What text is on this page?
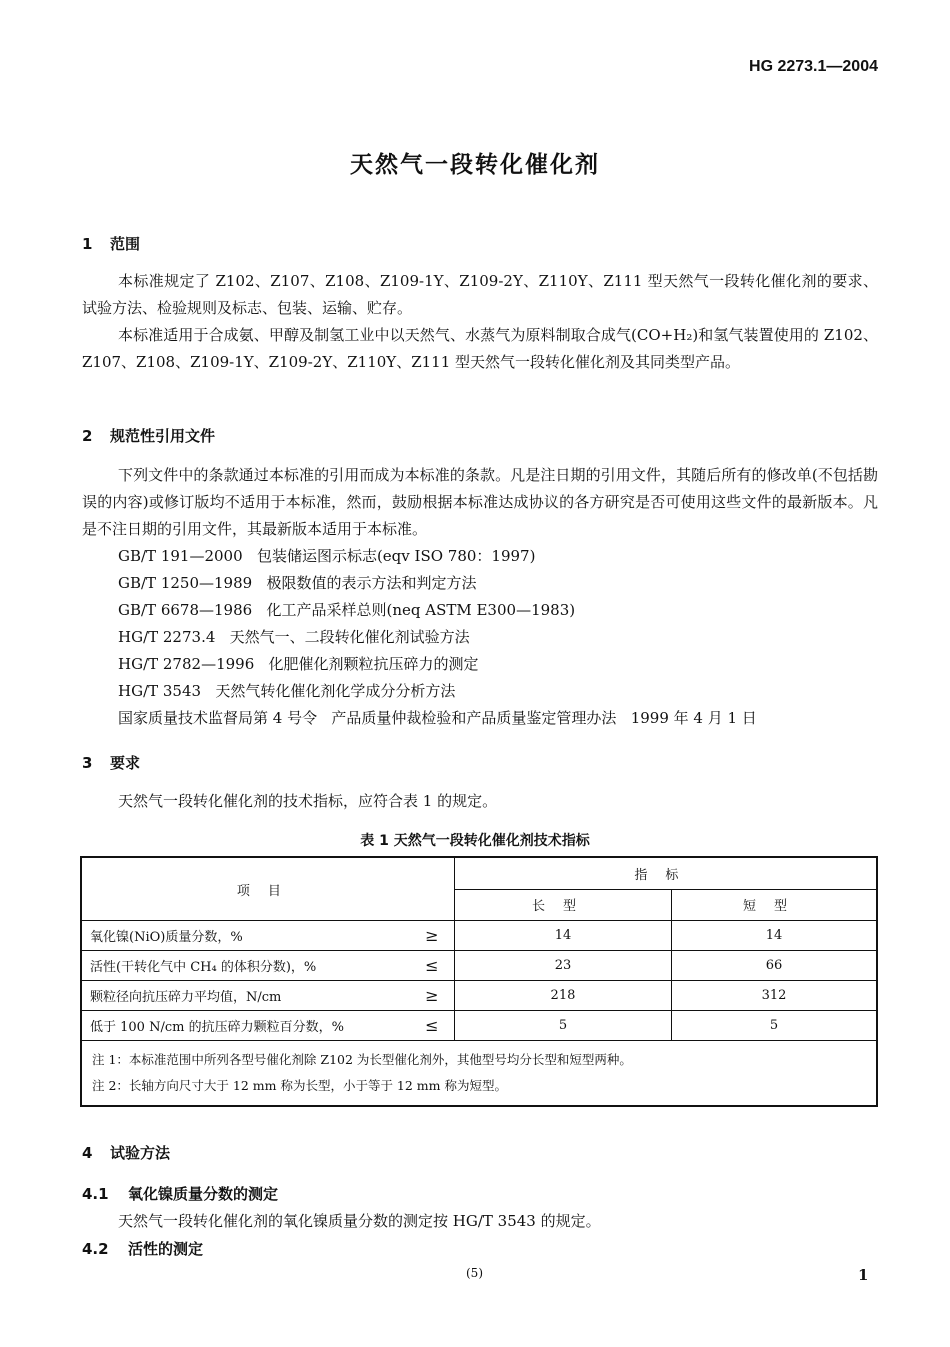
HG 2273.1—2004
天然气一段转化催化剂
1 范围
本标准规定了 Z102、Z107、Z108、Z109-1Y、Z109-2Y、Z110Y、Z111 型天然气一段转化催化剂的要求、试验方法、检验规则及标志、包装、运输、贮存。
本标准适用于合成氨、甲醇及制氢工业中以天然气、水蒸气为原料制取合成气(CO+H₂)和氢气装置使用的 Z102、Z107、Z108、Z109-1Y、Z109-2Y、Z110Y、Z111 型天然气一段转化催化剂及其同类型产品。
2 规范性引用文件
下列文件中的条款通过本标准的引用而成为本标准的条款。凡是注日期的引用文件，其随后所有的修改单(不包括勘误的内容)或修订版均不适用于本标准，然而，鼓励根据本标准达成协议的各方研究是否可使用这些文件的最新版本。凡是不注日期的引用文件，其最新版本适用于本标准。
GB/T 191—2000   包装储运图示标志(eqv ISO 780：1997)
GB/T 1250—1989   极限数值的表示方法和判定方法
GB/T 6678—1986   化工产品采样总则(neq ASTM E300—1983)
HG/T 2273.4   天然气一、二段转化催化剂试验方法
HG/T 2782—1996   化肥催化剂颗粒抗压碎力的测定
HG/T 3543   天然气转化催化剂化学成分分析方法
国家质量技术监督局第 4 号令   产品质量仲裁检验和产品质量鉴定管理办法   1999 年 4 月 1 日
3 要求
天然气一段转化催化剂的技术指标，应符合表 1 的规定。
表 1 天然气一段转化催化剂技术指标
项目		指标	
		长型	短型
氧化镍(NiO)质量分数，%	≥	14	14
活性(干转化气中 CH₄ 的体积分数)，%	≤	23	66
颗粒径向抗压碎力平均值，N/cm	≥	218	312
低于 100 N/cm 的抗压碎力颗粒百分数，%	≤	5	5

注 1：本标准范围中所列各型号催化剂除 Z102 为长型催化剂外，其他型号均分长型和短型两种。
注 2：长轴方向尺寸大于 12 mm 称为长型，小于等于 12 mm 称为短型。			
4 试验方法
4.1 氧化镍质量分数的测定
天然气一段转化催化剂的氧化镍质量分数的测定按 HG/T 3543 的规定。
4.2 活性的测定
(5)	1
